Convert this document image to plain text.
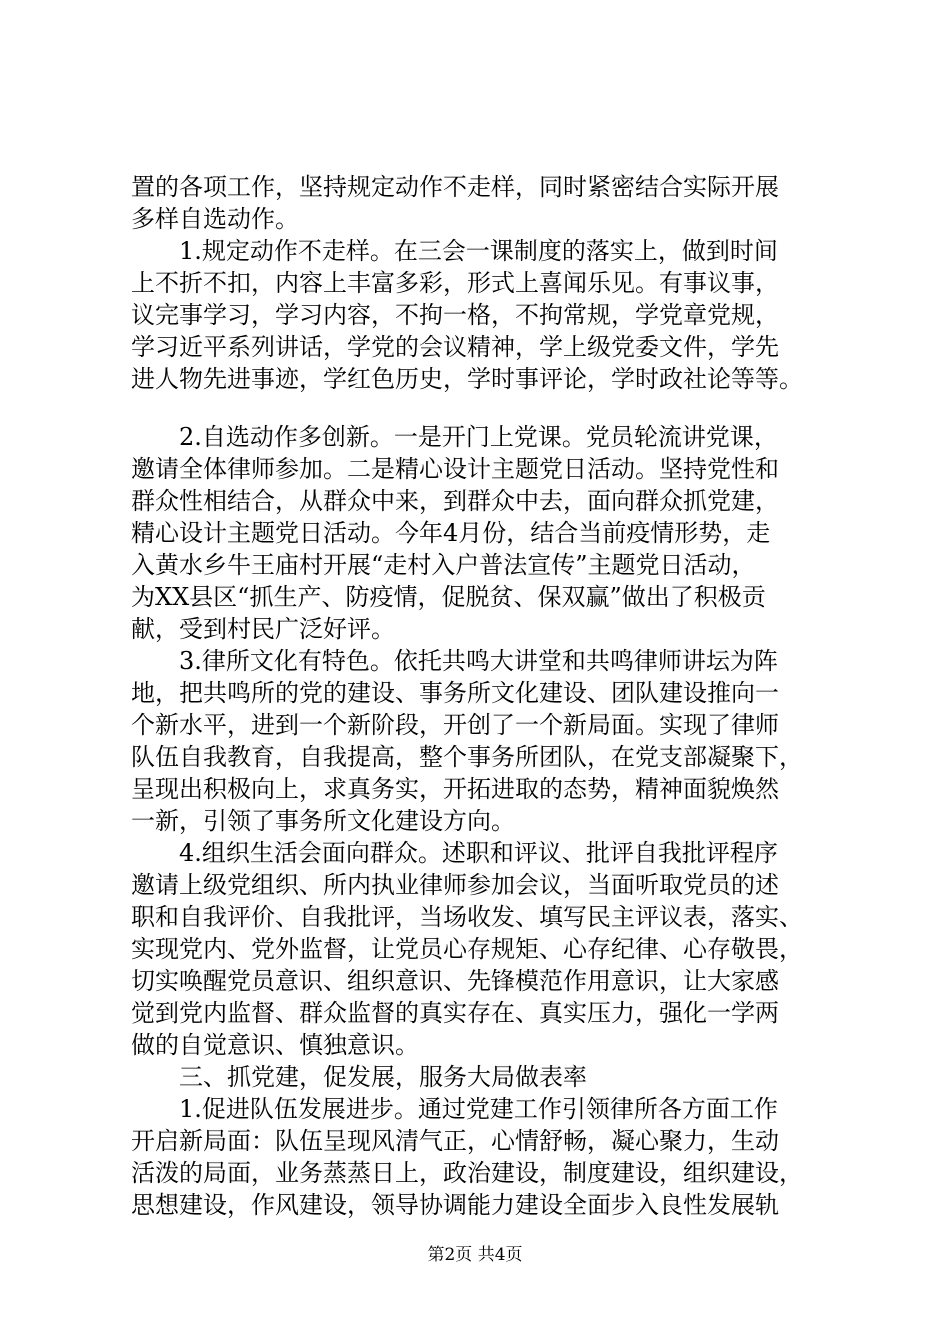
置的各项工作，坚持规定动作不走样，同时紧密结合实际开展
多样自选动作。
1.规定动作不走样。在三会一课制度的落实上，做到时间
上不折不扣，内容上丰富多彩，形式上喜闻乐见。有事议事，
议完事学习，学习内容，不拘一格，不拘常规，学党章党规，
学习近平系列讲话，学党的会议精神，学上级党委文件，学先
进人物先进事迹，学红色历史，学时事评论，学时政社论等等。
2.自选动作多创新。一是开门上党课。党员轮流讲党课，
邀请全体律师参加。二是精心设计主题党日活动。坚持党性和
群众性相结合，从群众中来，到群众中去，面向群众抓党建，
精心设计主题党日活动。今年4月份，结合当前疫情形势，走
入黄水乡牛王庙村开展“走村入户普法宣传”主题党日活动，
为XX县区“抓生产、防疫情，促脱贫、保双赢”做出了积极贡
献，受到村民广泛好评。
3.律所文化有特色。依托共鸣大讲堂和共鸣律师讲坛为阵
地，把共鸣所的党的建设、事务所文化建设、团队建设推向一
个新水平，进到一个新阶段，开创了一个新局面。实现了律师
队伍自我教育，自我提高，整个事务所团队，在党支部凝聚下，
呈现出积极向上，求真务实，开拓进取的态势，精神面貌焕然
一新，引领了事务所文化建设方向。
4.组织生活会面向群众。述职和评议、批评自我批评程序
邀请上级党组织、所内执业律师参加会议，当面听取党员的述
职和自我评价、自我批评，当场收发、填写民主评议表，落实、
实现党内、党外监督，让党员心存规矩、心存纪律、心存敬畏，
切实唤醒党员意识、组织意识、先锋模范作用意识，让大家感
觉到党内监督、群众监督的真实存在、真实压力，强化一学两
做的自觉意识、慎独意识。
三、抓党建，促发展，服务大局做表率
1.促进队伍发展进步。通过党建工作引领律所各方面工作
开启新局面：队伍呈现风清气正，心情舒畅，凝心聚力，生动
活泼的局面，业务蒸蒸日上，政治建设，制度建设，组织建设，
思想建设，作风建设，领导协调能力建设全面步入良性发展轨
第2页 共4页
